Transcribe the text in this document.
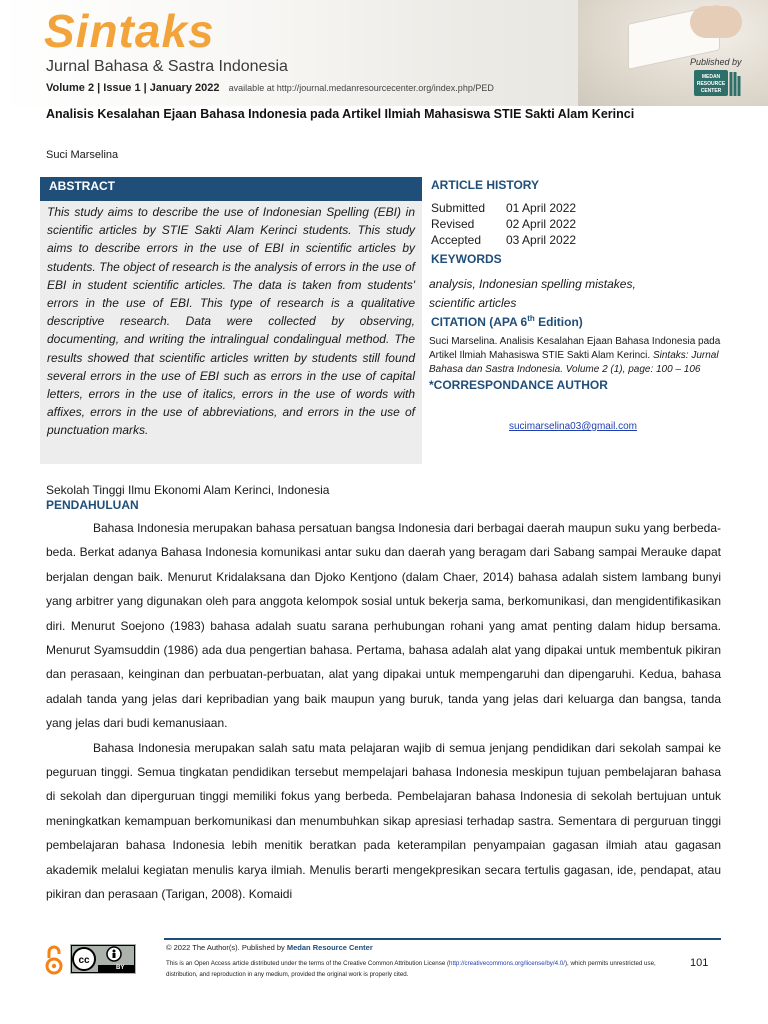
Sintaks
Jurnal Bahasa & Sastra Indonesia
Volume 2 | Issue 1 | January 2022 available at http://journal.medanresourcecenter.org/index.php/PED
Published by
MEDAN
RESOURCE
CENTER
Analisis Kesalahan Ejaan Bahasa Indonesia pada Artikel Ilmiah Mahasiswa STIE Sakti Alam Kerinci
Suci Marselina
ABSTRACT

This study aims to describe the use of Indonesian Spelling (EBI) in scientific articles by STIE Sakti Alam Kerinci students. This study aims to describe errors in the use of EBI in scientific articles by students. The object of research is the analysis of errors in the use of EBI in student scientific articles. The data is taken from students' errors in the use of EBI. This type of research is a qualitative descriptive research. Data were collected by observing, documenting, and writing the intralingual condalingual method. The results showed that scientific articles written by students still found several errors in the use of EBI such as errors in the use of capital letters, errors in the use of italics, errors in the use of words with affixes, errors in the use of abbreviations, and errors in the use of punctuation marks.

ARTICLE HISTORY
Submitted 01 April 2022
Revised	02 April 2022
Accepted 03 April 2022
KEYWORDS
analysis, Indonesian spelling mistakes,
scientific articles
CITATION (APA 6th Edition)
Suci Marselina. Analisis Kesalahan Ejaan Bahasa Indonesia pada Artikel Ilmiah Mahasiswa STIE Sakti Alam Kerinci. Sintaks: Jurnal Bahasa dan Sastra Indonesia. Volume 2 (1), page: 100 – 106
*CORRESPONDANCE AUTHOR
sucimarselina03@gmail.com
Sekolah Tinggi Ilmu Ekonomi Alam Kerinci, Indonesia
PENDAHULUAN

Bahasa Indonesia merupakan bahasa persatuan bangsa Indonesia dari berbagai daerah maupun suku yang berbeda-beda. Berkat adanya Bahasa Indonesia komunikasi antar suku dan daerah yang beragam dari Sabang sampai Merauke dapat berjalan dengan baik. Menurut Kridalaksana dan Djoko Kentjono (dalam Chaer, 2014) bahasa adalah sistem lambang bunyi yang arbitrer yang digunakan oleh para anggota kelompok sosial untuk bekerja sama, berkomunikasi, dan mengidentifikasikan diri. Menurut Soejono (1983) bahasa adalah suatu sarana perhubungan rohani yang amat penting dalam hidup bersama. Menurut Syamsuddin (1986) ada dua pengertian bahasa. Pertama, bahasa adalah alat yang dipakai untuk membentuk pikiran dan perasaan, keinginan dan perbuatan-perbuatan, alat yang dipakai untuk mempengaruhi dan dipengaruhi. Kedua, bahasa adalah tanda yang jelas dari kepribadian yang baik maupun yang buruk, tanda yang jelas dari keluarga dan bangsa, tanda yang jelas dari budi kemanusiaan.

Bahasa Indonesia merupakan salah satu mata pelajaran wajib di semua jenjang pendidikan dari sekolah sampai ke peguruan tinggi. Semua tingkatan pendidikan tersebut mempelajari bahasa Indonesia meskipun tujuan pembelajaran bahasa di sekolah dan diperguruan tinggi memiliki fokus yang berbeda. Pembelajaran bahasa Indonesia di sekolah bertujuan untuk meningkatkan kemampuan berkomunikasi dan menumbuhkan sikap apresiasi terhadap sastra. Sementara di perguruan tinggi pembelajaran bahasa Indonesia lebih menitik beratkan pada keterampilan penyampaian gagasan ilmiah atau gagasan akademik melalui kegiatan menulis karya ilmiah. Menulis berarti mengekpresikan secara tertulis gagasan, ide, pendapat, atau pikiran dan perasaan (Tarigan, 2008). Komaidi

cc
BY
© 2022 The Author(s). Published by Medan Resource Center
This is an Open Access article distributed under the terms of the Creative Common Attribution License (http://creativecommons.org/license/by/4.0/), which permits unrestricted use, distribution, and reproduction in any medium, provided the original work is properly cited.
101
